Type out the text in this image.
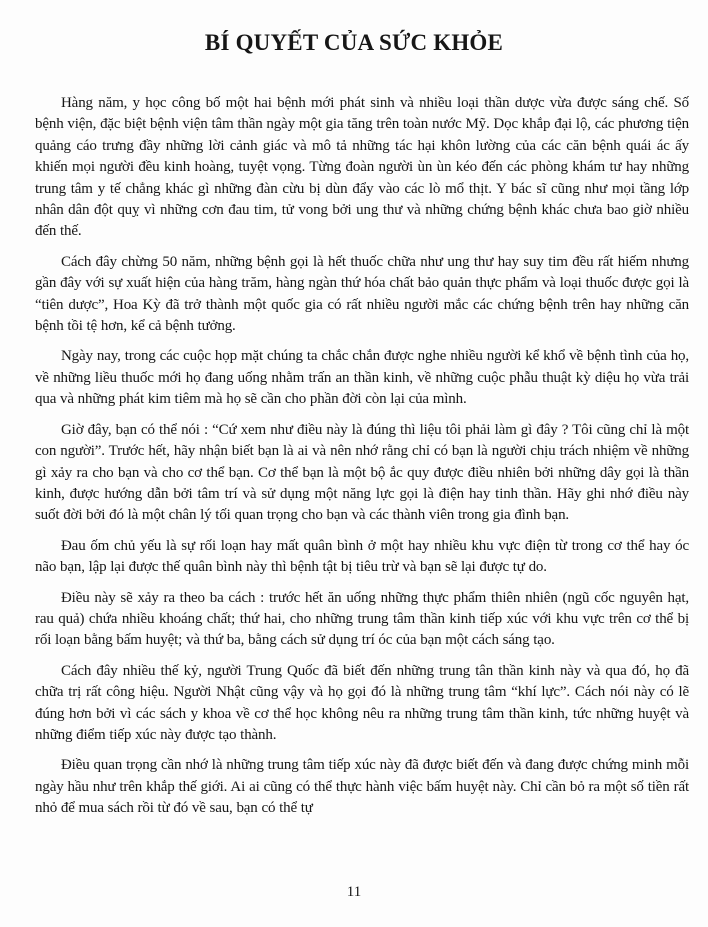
BÍ QUYẾT CỦA SỨC KHỎE

Hàng năm, y học công bố một hai bệnh mới phát sinh và nhiều loại thần dược vừa được sáng chế. Số bệnh viện, đặc biệt bệnh viện tâm thần ngày một gia tăng trên toàn nước Mỹ. Dọc khắp đại lộ, các phương tiện quảng cáo trưng đầy những lời cảnh giác và mô tả những tác hại khôn lường của các căn bệnh quái ác ấy khiến mọi người đều kinh hoàng, tuyệt vọng. Từng đoàn người ùn ùn kéo đến các phòng khám tư hay những trung tâm y tế chẳng khác gì những đàn cừu bị dùn đẩy vào các lò mổ thịt. Y bác sĩ cũng như mọi tầng lớp nhân dân đột quỵ vì những cơn đau tim, tử vong bởi ung thư và những chứng bệnh khác chưa bao giờ nhiều đến thế.

Cách đây chừng 50 năm, những bệnh gọi là hết thuốc chữa như ung thư hay suy tim đều rất hiếm nhưng gần đây với sự xuất hiện của hàng trăm, hàng ngàn thứ hóa chất bảo quản thực phẩm và loại thuốc được gọi là “tiên dược”, Hoa Kỳ đã trở thành một quốc gia có rất nhiều người mắc các chứng bệnh trên hay những căn bệnh tồi tệ hơn, kể cả bệnh tưởng.

Ngày nay, trong các cuộc họp mặt chúng ta chắc chắn được nghe nhiều người kể khổ về bệnh tình của họ, về những liều thuốc mới họ đang uống nhằm trấn an thần kinh, về những cuộc phẫu thuật kỳ diệu họ vừa trải qua và những phát kim tiêm mà họ sẽ cần cho phần đời còn lại của mình.

Giờ đây, bạn có thể nói : “Cứ xem như điều này là đúng thì liệu tôi phải làm gì đây ? Tôi cũng chỉ là một con người”. Trước hết, hãy nhận biết bạn là ai và nên nhớ rằng chỉ có bạn là người chịu trách nhiệm về những gì xảy ra cho bạn và cho cơ thể bạn. Cơ thể bạn là một bộ ắc quy được điều nhiên bởi những dây gọi là thần kinh, được hướng dẫn bởi tâm trí và sử dụng một năng lực gọi là điện hay tinh thần. Hãy ghi nhớ điều này suốt đời bởi đó là một chân lý tối quan trọng cho bạn và các thành viên trong gia đình bạn.

Đau ốm chủ yếu là sự rối loạn hay mất quân bình ở một hay nhiều khu vực điện từ trong cơ thể hay óc não bạn, lập lại được thế quân bình này thì bệnh tật bị tiêu trừ và bạn sẽ lại được tự do.

Điều này sẽ xảy ra theo ba cách : trước hết ăn uống những thực phẩm thiên nhiên (ngũ cốc nguyên hạt, rau quả) chứa nhiều khoáng chất; thứ hai, cho những trung tâm thần kinh tiếp xúc với khu vực trên cơ thể bị rối loạn bằng bấm huyệt; và thứ ba, bằng cách sử dụng trí óc của bạn một cách sáng tạo.

Cách đây nhiều thế kỷ, người Trung Quốc đã biết đến những trung tân thần kinh này và qua đó, họ đã chữa trị rất công hiệu. Người Nhật cũng vậy và họ gọi đó là những trung tâm “khí lực”. Cách nói này có lẽ đúng hơn bởi vì các sách y khoa về cơ thể học không nêu ra những trung tâm thần kinh, tức những huyệt và những điểm tiếp xúc này được tạo thành.

Điều quan trọng cần nhớ là những trung tâm tiếp xúc này đã được biết đến và đang được chứng minh mỗi ngày hầu như trên khắp thế giới. Ai ai cũng có thể thực hành việc bấm huyệt này. Chỉ cần bỏ ra một số tiền rất nhỏ để mua sách rồi từ đó về sau, bạn có thể tự

11
